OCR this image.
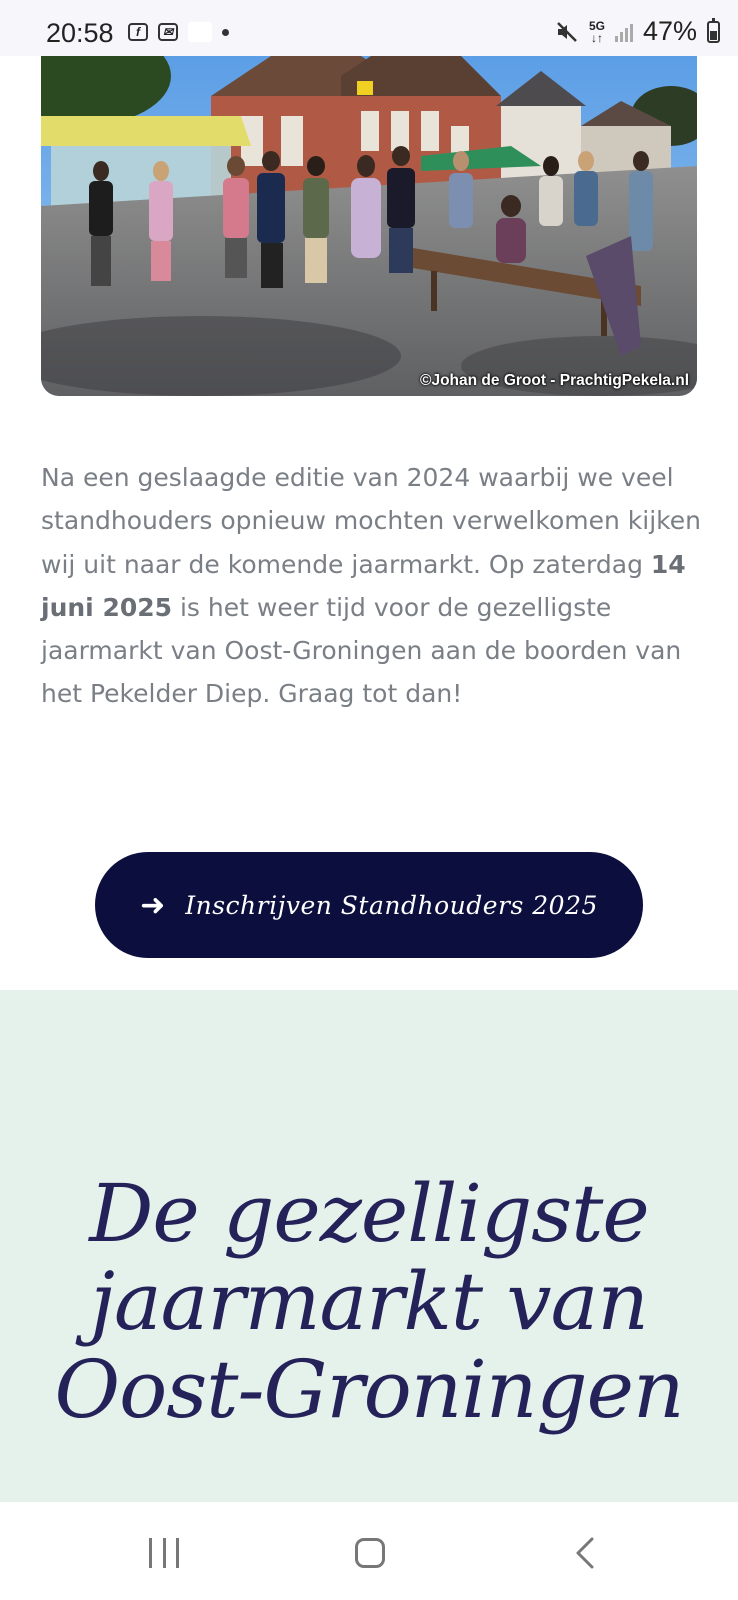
20:58	f	✉	5G
↓↑ 47%
©Johan de Groot - PrachtigPekela.nl

Na een geslaagde editie van 2024 waarbij we veel standhouders opnieuw mochten verwelkomen kijken wij uit naar de komende jaarmarkt. Op zaterdag 14 juni 2025 is het weer tijd voor de gezelligste jaarmarkt van Oost-Groningen aan de boorden van het Pekelder Diep. Graag tot dan!

➜ Inschrijven Standhouders 2025
De gezelligste
jaarmarkt van
Oost-Groningen
